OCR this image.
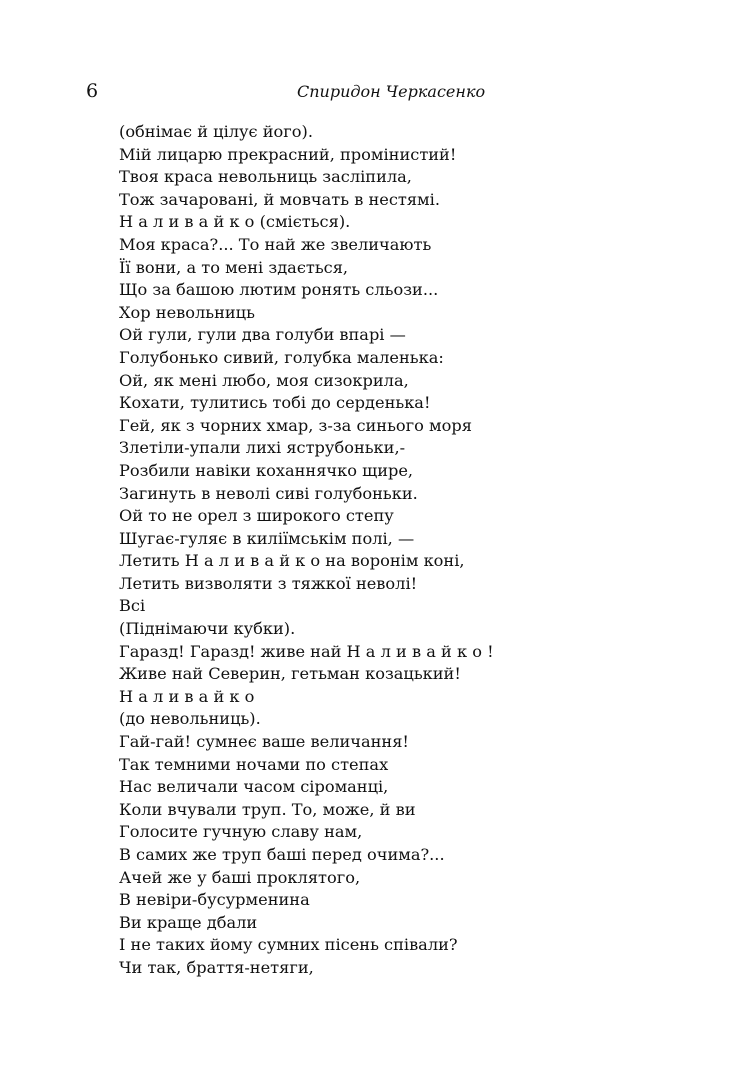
6	Спиридон Черкасенко
(обнімає й цілує його).
Мій лицарю прекрасний, промінистий!
Твоя краса невольниць засліпила,
Тож зачаровані, й мовчать в нестямі.
Н а л и в а й к о (сміється).
Моя краса?... То най же звеличають
Її вони, а то мені здається,
Що за башою лютим ронять сльози...
Хор невольниць
Ой гули, гули два голуби впарі —
Голубонько сивий, голубка маленька:
Ой, як мені любо, моя сизокрила,
Кохати, тулитись тобі до серденька!
Гей, як з чорних хмар, з-за синього моря
Злетіли-упали лихі яструбоньки,-
Розбили навіки коханнячко щире,
Загинуть в неволі сиві голубоньки.
Ой то не орел з широкого степу
Шугає-гуляє в киліїмськім полі, —
Летить Н а л и в а й к о на воронім коні,
Летить визволяти з тяжкої неволі!
Всі
(Піднімаючи кубки).
Гаразд! Гаразд! живе най Н а л и в а й к о !
Живе най Северин, гетьман козацький!
Н а л и в а й к о
(до невольниць).
Гай-гай! сумнеє ваше величання!
Так темними ночами по степах
Нас величали часом сіроманці,
Коли вчували труп. То, може, й ви
Голосите гучную славу нам,
В самих же труп баші перед очима?...
Ачей же у баші проклятого,
В невіри-бусурменина
Ви краще дбали
І не таких йому сумних пісень співали?
Чи так, браття-нетяги,
